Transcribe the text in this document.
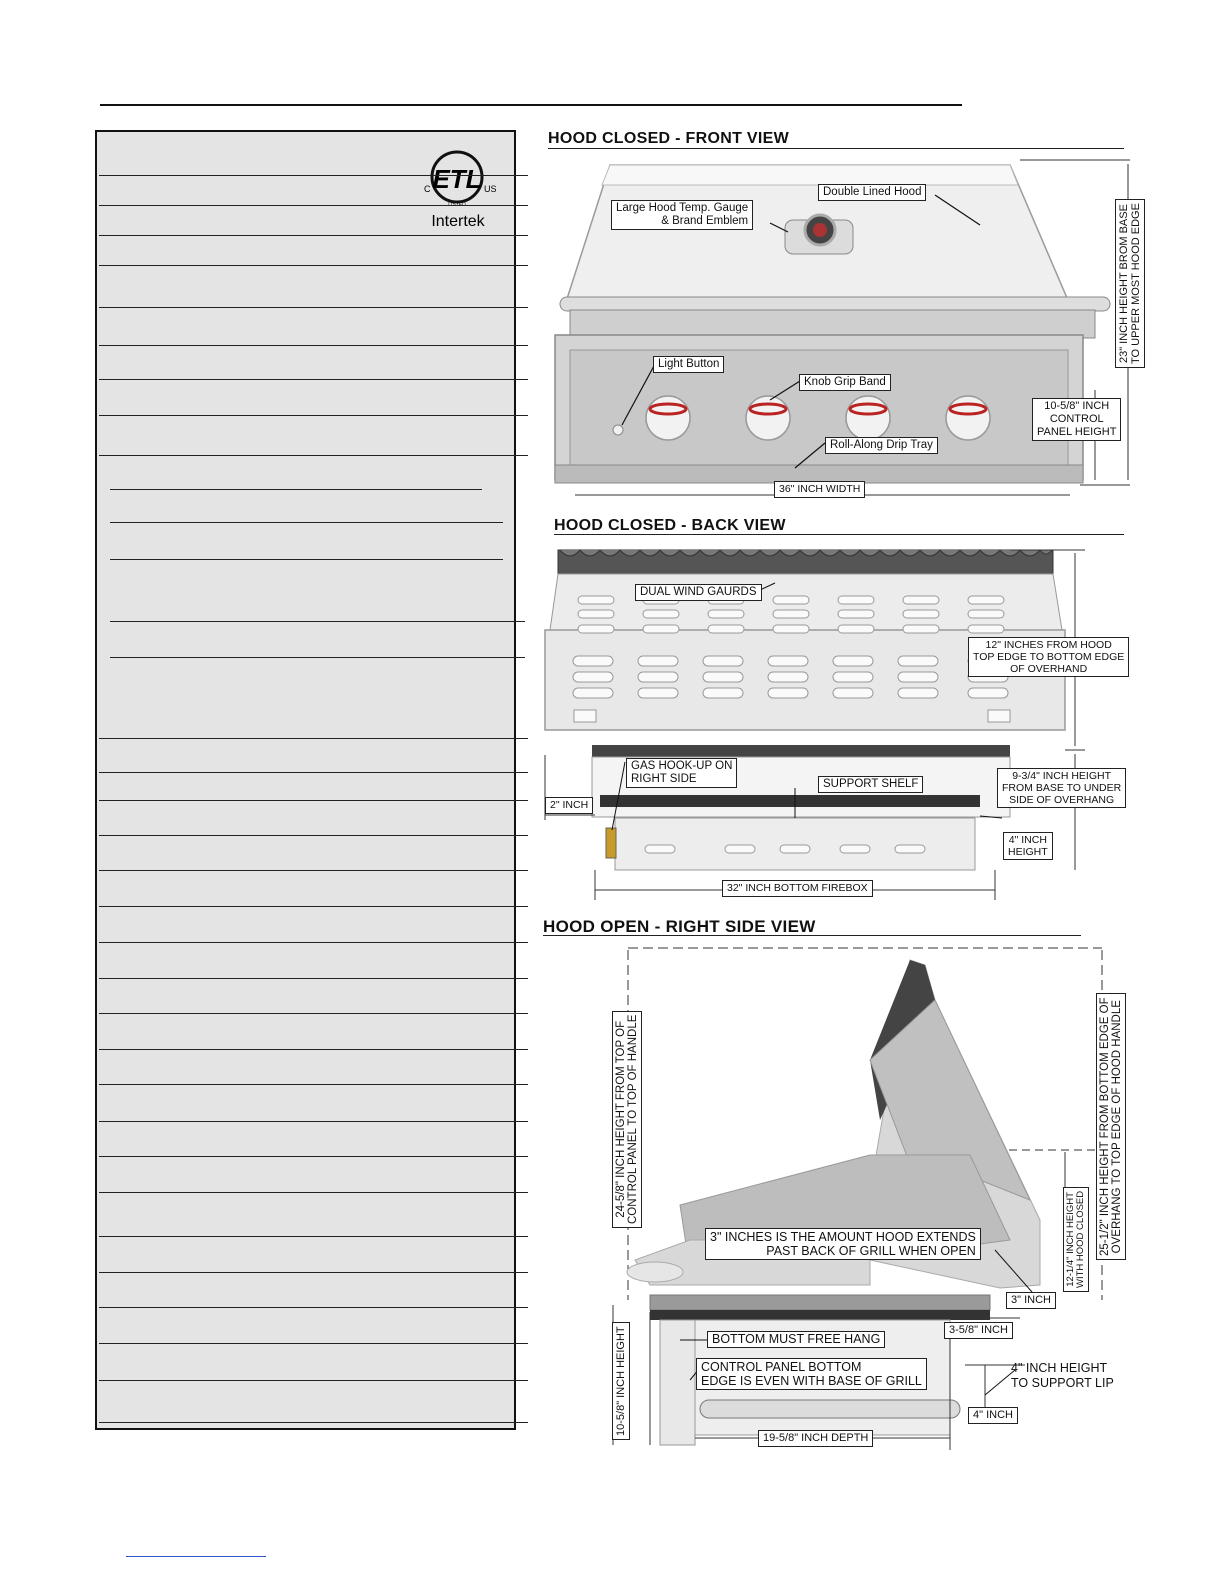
ETL
C	US
LISTED
Intertek
HOOD CLOSED - FRONT VIEW
Double Lined Hood
Large Hood Temp. Gauge
& Brand Emblem
Light Button
Knob Grip Band
Roll-Along Drip Tray
36" INCH WIDTH
10-5/8" INCH
CONTROL
PANEL HEIGHT
23" INCH HEIGHT BROM BASE
TO UPPER MOST HOOD EDGE
HOOD CLOSED - BACK VIEW
DUAL WIND GAURDS
12" INCHES FROM HOOD
TOP EDGE TO BOTTOM EDGE
OF OVERHAND
GAS HOOK-UP ON
RIGHT SIDE	SUPPORT SHELF
9-3/4" INCH HEIGHT
FROM BASE TO UNDER
SIDE OF OVERHANG
2" INCH
4" INCH
HEIGHT
32" INCH BOTTOM FIREBOX
HOOD OPEN - RIGHT SIDE VIEW
24-5/8" INCH HEIGHT FROM TOP OF
CONTROL PANEL TO TOP OF HANDLE
25-1/2" INCH HEIGHT FROM BOTTOM EDGE OF
OVERHANG TO TOP EDGE OF HOOD HANDLE
12-1/4" INCH HEIGHT
WITH HOOD CLOSED
3" INCHES IS THE AMOUNT HOOD EXTENDS
PAST BACK OF GRILL WHEN OPEN
3" INCH
3-5/8" INCH
BOTTOM MUST FREE HANG
CONTROL PANEL BOTTOM
EDGE IS EVEN WITH BASE OF GRILL
4" INCH HEIGHT
TO SUPPORT LIP
4" INCH
19-5/8" INCH DEPTH
10-5/8" INCH HEIGHT
